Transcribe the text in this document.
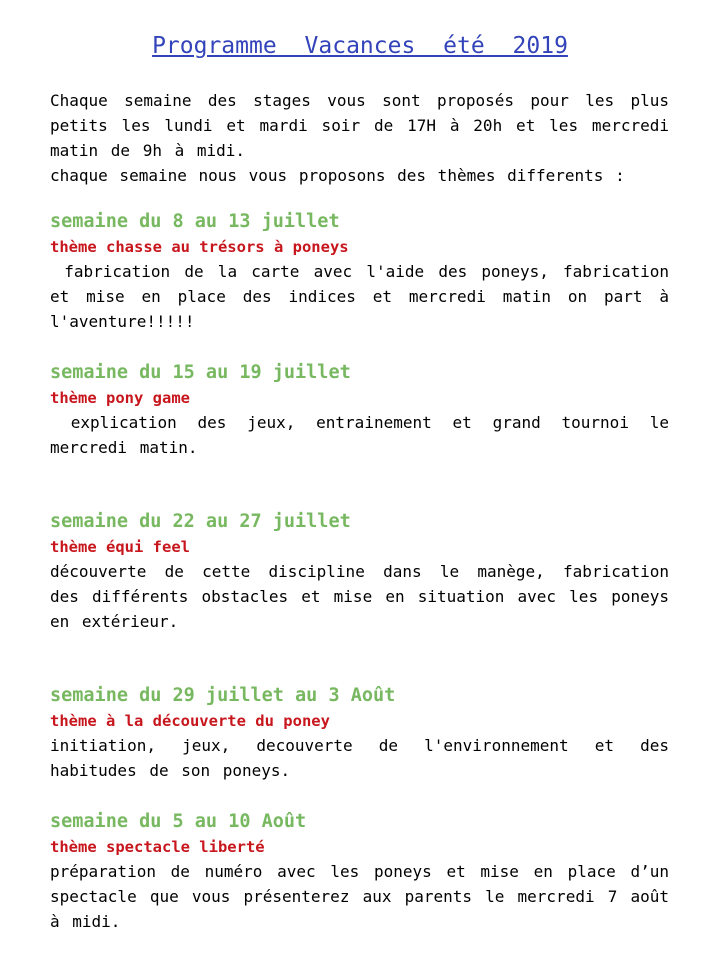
Programme Vacances été 2019

Chaque semaine des stages vous sont proposés pour les plus petits les lundi et mardi soir de 17H à 20h et les mercredi matin de 9h à midi.

chaque semaine nous vous proposons des thèmes differents :

semaine du 8 au 13 juillet

thème chasse au trésors à poneys

fabrication de la carte avec l'aide des poneys, fabrication et mise en place des indices et mercredi matin on part à l'aventure!!!!!

semaine du 15 au 19 juillet

thème pony game

explication des jeux, entrainement et grand tournoi le mercredi matin.

semaine du 22 au 27 juillet

thème équi feel

découverte de cette discipline dans le manège, fabrication des différents obstacles et mise en situation avec les poneys en extérieur.

semaine du 29 juillet au 3 Août

thème à la découverte du poney

initiation, jeux, decouverte de l'environnement et des habitudes de son poneys.

semaine du 5 au 10 Août

thème spectacle liberté

préparation de numéro avec les poneys et mise en place d’un spectacle que vous présenterez aux parents le mercredi 7 août à midi.
